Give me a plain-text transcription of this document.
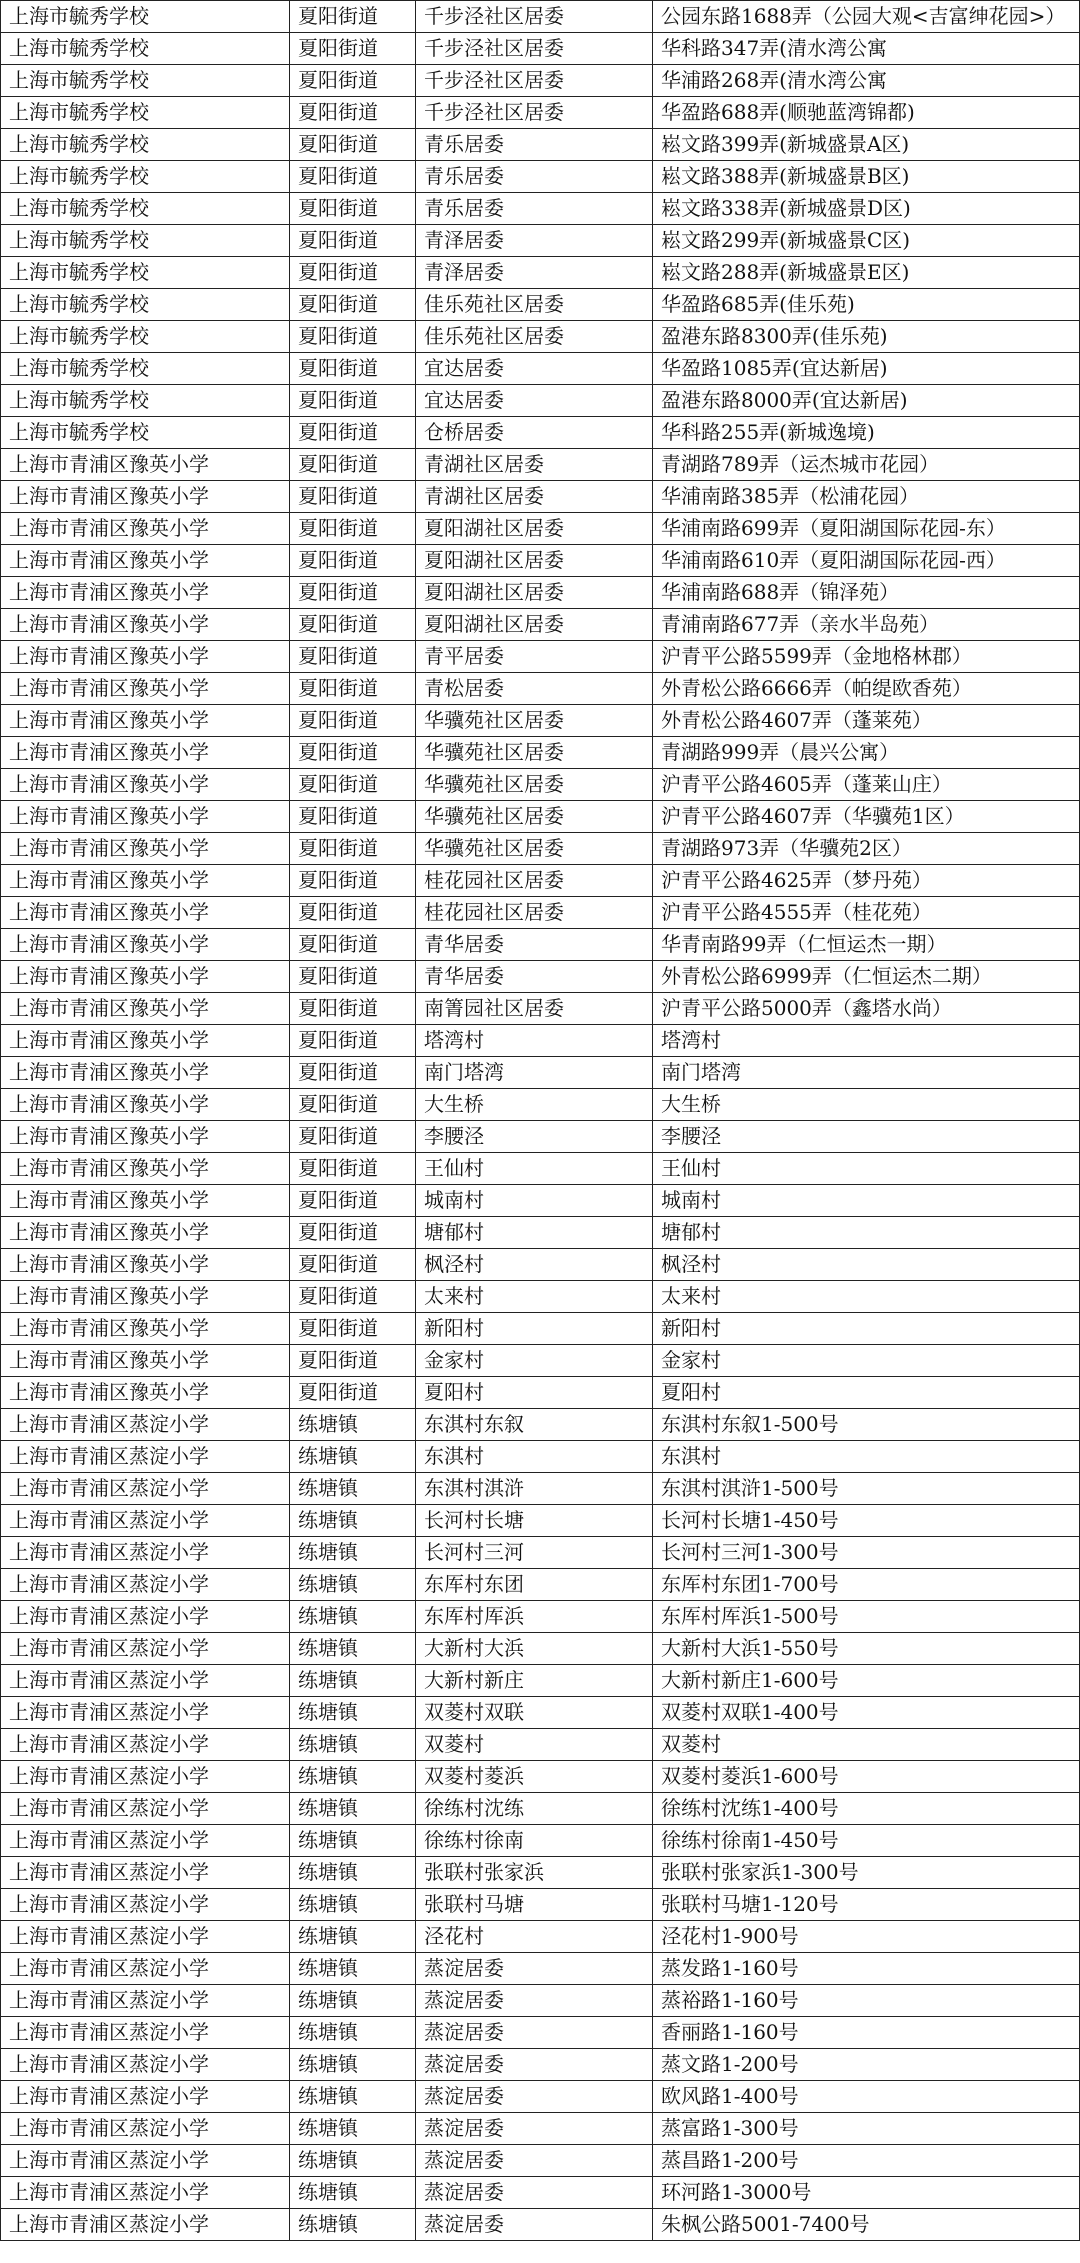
上海市毓秀学校	夏阳街道	千步泾社区居委	公园东路1688弄（公园大观<吉富绅花园>）
上海市毓秀学校	夏阳街道	千步泾社区居委	华科路347弄(清水湾公寓
上海市毓秀学校	夏阳街道	千步泾社区居委	华浦路268弄(清水湾公寓
上海市毓秀学校	夏阳街道	千步泾社区居委	华盈路688弄(顺驰蓝湾锦都)
上海市毓秀学校	夏阳街道	青乐居委	崧文路399弄(新城盛景A区)
上海市毓秀学校	夏阳街道	青乐居委	崧文路388弄(新城盛景B区)
上海市毓秀学校	夏阳街道	青乐居委	崧文路338弄(新城盛景D区)
上海市毓秀学校	夏阳街道	青泽居委	崧文路299弄(新城盛景C区)
上海市毓秀学校	夏阳街道	青泽居委	崧文路288弄(新城盛景E区)
上海市毓秀学校	夏阳街道	佳乐苑社区居委	华盈路685弄(佳乐苑)
上海市毓秀学校	夏阳街道	佳乐苑社区居委	盈港东路8300弄(佳乐苑)
上海市毓秀学校	夏阳街道	宜达居委	华盈路1085弄(宜达新居)
上海市毓秀学校	夏阳街道	宜达居委	盈港东路8000弄(宜达新居)
上海市毓秀学校	夏阳街道	仓桥居委	华科路255弄(新城逸境)
上海市青浦区豫英小学	夏阳街道	青湖社区居委	青湖路789弄（运杰城市花园）
上海市青浦区豫英小学	夏阳街道	青湖社区居委	华浦南路385弄（松浦花园）
上海市青浦区豫英小学	夏阳街道	夏阳湖社区居委	华浦南路699弄（夏阳湖国际花园-东）
上海市青浦区豫英小学	夏阳街道	夏阳湖社区居委	华浦南路610弄（夏阳湖国际花园-西）
上海市青浦区豫英小学	夏阳街道	夏阳湖社区居委	华浦南路688弄（锦泽苑）
上海市青浦区豫英小学	夏阳街道	夏阳湖社区居委	青浦南路677弄（亲水半岛苑）
上海市青浦区豫英小学	夏阳街道	青平居委	沪青平公路5599弄（金地格林郡）
上海市青浦区豫英小学	夏阳街道	青松居委	外青松公路6666弄（帕缇欧香苑）
上海市青浦区豫英小学	夏阳街道	华骥苑社区居委	外青松公路4607弄（蓬莱苑）
上海市青浦区豫英小学	夏阳街道	华骥苑社区居委	青湖路999弄（晨兴公寓）
上海市青浦区豫英小学	夏阳街道	华骥苑社区居委	沪青平公路4605弄（蓬莱山庄）
上海市青浦区豫英小学	夏阳街道	华骥苑社区居委	沪青平公路4607弄（华骥苑1区）
上海市青浦区豫英小学	夏阳街道	华骥苑社区居委	青湖路973弄（华骥苑2区）
上海市青浦区豫英小学	夏阳街道	桂花园社区居委	沪青平公路4625弄（梦丹苑）
上海市青浦区豫英小学	夏阳街道	桂花园社区居委	沪青平公路4555弄（桂花苑）
上海市青浦区豫英小学	夏阳街道	青华居委	华青南路99弄（仁恒运杰一期）
上海市青浦区豫英小学	夏阳街道	青华居委	外青松公路6999弄（仁恒运杰二期）
上海市青浦区豫英小学	夏阳街道	南箐园社区居委	沪青平公路5000弄（鑫塔水尚）
上海市青浦区豫英小学	夏阳街道	塔湾村	塔湾村
上海市青浦区豫英小学	夏阳街道	南门塔湾	南门塔湾
上海市青浦区豫英小学	夏阳街道	大生桥	大生桥
上海市青浦区豫英小学	夏阳街道	李腰泾	李腰泾
上海市青浦区豫英小学	夏阳街道	王仙村	王仙村
上海市青浦区豫英小学	夏阳街道	城南村	城南村
上海市青浦区豫英小学	夏阳街道	塘郁村	塘郁村
上海市青浦区豫英小学	夏阳街道	枫泾村	枫泾村
上海市青浦区豫英小学	夏阳街道	太来村	太来村
上海市青浦区豫英小学	夏阳街道	新阳村	新阳村
上海市青浦区豫英小学	夏阳街道	金家村	金家村
上海市青浦区豫英小学	夏阳街道	夏阳村	夏阳村
上海市青浦区蒸淀小学	练塘镇	东淇村东叙	东淇村东叙1-500号
上海市青浦区蒸淀小学	练塘镇	东淇村	东淇村
上海市青浦区蒸淀小学	练塘镇	东淇村淇浒	东淇村淇浒1-500号
上海市青浦区蒸淀小学	练塘镇	长河村长塘	长河村长塘1-450号
上海市青浦区蒸淀小学	练塘镇	长河村三河	长河村三河1-300号
上海市青浦区蒸淀小学	练塘镇	东厍村东团	东厍村东团1-700号
上海市青浦区蒸淀小学	练塘镇	东厍村厍浜	东厍村厍浜1-500号
上海市青浦区蒸淀小学	练塘镇	大新村大浜	大新村大浜1-550号
上海市青浦区蒸淀小学	练塘镇	大新村新庄	大新村新庄1-600号
上海市青浦区蒸淀小学	练塘镇	双菱村双联	双菱村双联1-400号
上海市青浦区蒸淀小学	练塘镇	双菱村	双菱村
上海市青浦区蒸淀小学	练塘镇	双菱村菱浜	双菱村菱浜1-600号
上海市青浦区蒸淀小学	练塘镇	徐练村沈练	徐练村沈练1-400号
上海市青浦区蒸淀小学	练塘镇	徐练村徐南	徐练村徐南1-450号
上海市青浦区蒸淀小学	练塘镇	张联村张家浜	张联村张家浜1-300号
上海市青浦区蒸淀小学	练塘镇	张联村马塘	张联村马塘1-120号
上海市青浦区蒸淀小学	练塘镇	泾花村	泾花村1-900号
上海市青浦区蒸淀小学	练塘镇	蒸淀居委	蒸发路1-160号
上海市青浦区蒸淀小学	练塘镇	蒸淀居委	蒸裕路1-160号
上海市青浦区蒸淀小学	练塘镇	蒸淀居委	香丽路1-160号
上海市青浦区蒸淀小学	练塘镇	蒸淀居委	蒸文路1-200号
上海市青浦区蒸淀小学	练塘镇	蒸淀居委	欧风路1-400号
上海市青浦区蒸淀小学	练塘镇	蒸淀居委	蒸富路1-300号
上海市青浦区蒸淀小学	练塘镇	蒸淀居委	蒸昌路1-200号
上海市青浦区蒸淀小学	练塘镇	蒸淀居委	环河路1-3000号
上海市青浦区蒸淀小学	练塘镇	蒸淀居委	朱枫公路5001-7400号
